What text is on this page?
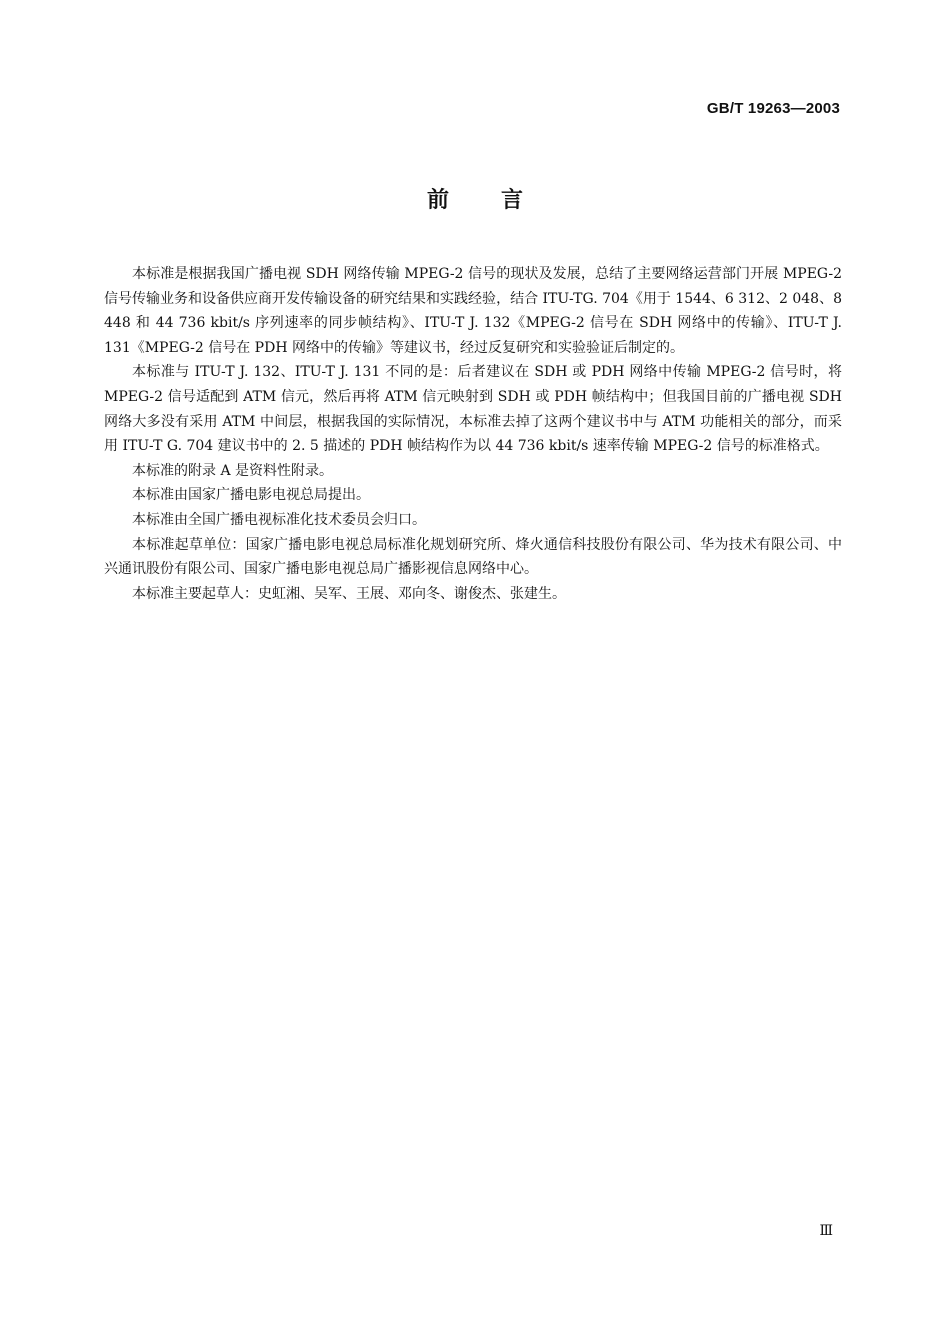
GB/T 19263—2003
前言

本标准是根据我国广播电视 SDH 网络传输 MPEG-2 信号的现状及发展，总结了主要网络运营部门开展 MPEG-2 信号传输业务和设备供应商开发传输设备的研究结果和实践经验，结合 ITU-TG. 704《用于 1544、6 312、2 048、8 448 和 44 736 kbit/s 序列速率的同步帧结构》、ITU-T J. 132《MPEG-2 信号在 SDH 网络中的传输》、ITU-T J. 131《MPEG-2 信号在 PDH 网络中的传输》等建议书，经过反复研究和实验验证后制定的。

本标准与 ITU-T J. 132、ITU-T J. 131 不同的是：后者建议在 SDH 或 PDH 网络中传输 MPEG-2 信号时，将 MPEG-2 信号适配到 ATM 信元，然后再将 ATM 信元映射到 SDH 或 PDH 帧结构中；但我国目前的广播电视 SDH 网络大多没有采用 ATM 中间层，根据我国的实际情况，本标准去掉了这两个建议书中与 ATM 功能相关的部分，而采用 ITU-T G. 704 建议书中的 2. 5 描述的 PDH 帧结构作为以 44 736 kbit/s 速率传输 MPEG-2 信号的标准格式。

本标准的附录 A 是资料性附录。

本标准由国家广播电影电视总局提出。

本标准由全国广播电视标准化技术委员会归口。

本标准起草单位：国家广播电影电视总局标准化规划研究所、烽火通信科技股份有限公司、华为技术有限公司、中兴通讯股份有限公司、国家广播电影电视总局广播影视信息网络中心。

本标准主要起草人：史虹湘、吴军、王展、邓向冬、谢俊杰、张建生。

Ⅲ
